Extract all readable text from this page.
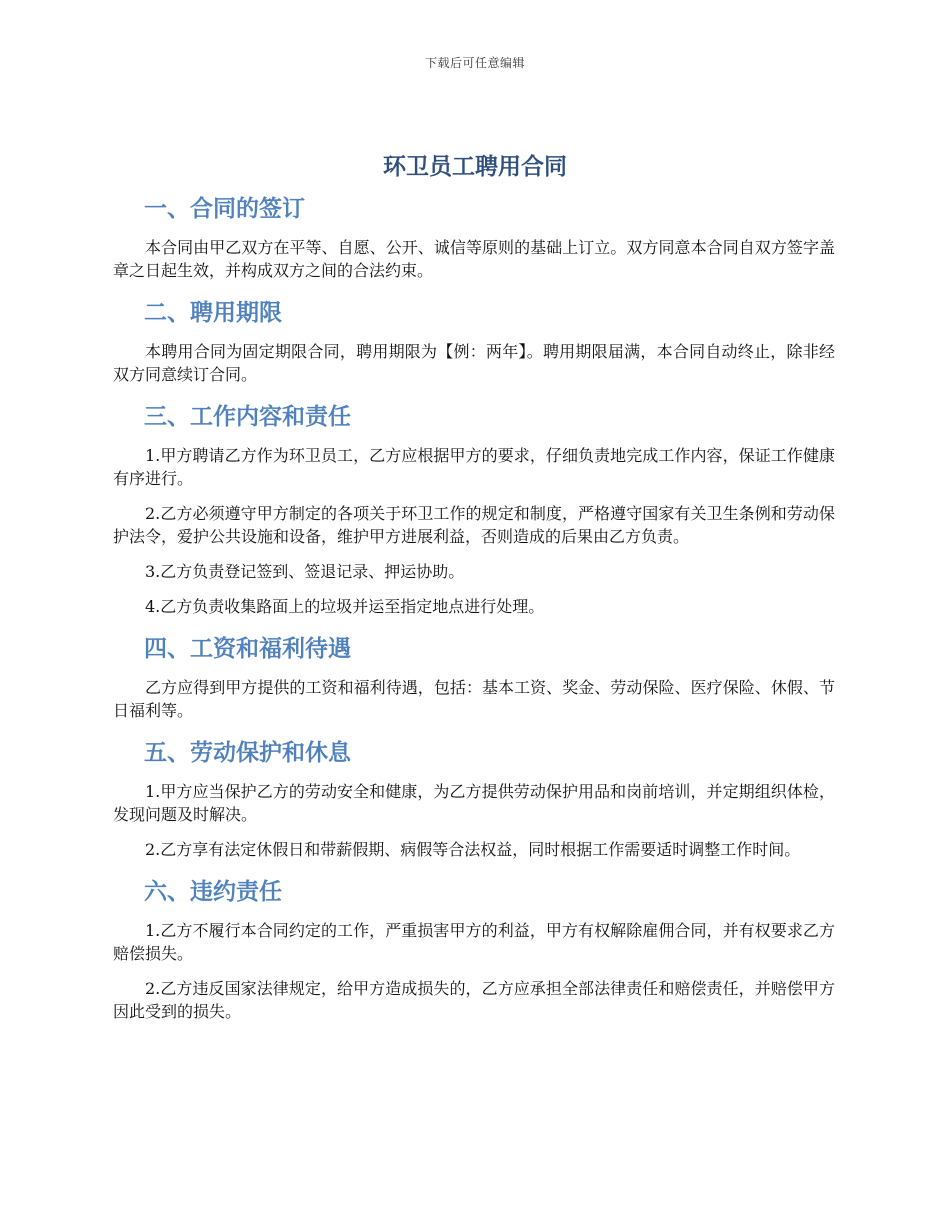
下载后可任意编辑
环卫员工聘用合同
一、合同的签订

本合同由甲乙双方在平等、自愿、公开、诚信等原则的基础上订立。双方同意本合同自双方签字盖章之日起生效，并构成双方之间的合法约束。

二、聘用期限

本聘用合同为固定期限合同，聘用期限为【例：两年】。聘用期限届满，本合同自动终止，除非经双方同意续订合同。

三、工作内容和责任

1.甲方聘请乙方作为环卫员工，乙方应根据甲方的要求，仔细负责地完成工作内容，保证工作健康有序进行。

2.乙方必须遵守甲方制定的各项关于环卫工作的规定和制度，严格遵守国家有关卫生条例和劳动保护法令，爱护公共设施和设备，维护甲方进展利益，否则造成的后果由乙方负责。

3.乙方负责登记签到、签退记录、押运协助。

4.乙方负责收集路面上的垃圾并运至指定地点进行处理。

四、工资和福利待遇

乙方应得到甲方提供的工资和福利待遇，包括：基本工资、奖金、劳动保险、医疗保险、休假、节日福利等。

五、劳动保护和休息

1.甲方应当保护乙方的劳动安全和健康，为乙方提供劳动保护用品和岗前培训，并定期组织体检，发现问题及时解决。

2.乙方享有法定休假日和带薪假期、病假等合法权益，同时根据工作需要适时调整工作时间。

六、违约责任

1.乙方不履行本合同约定的工作，严重损害甲方的利益，甲方有权解除雇佣合同，并有权要求乙方赔偿损失。

2.乙方违反国家法律规定，给甲方造成损失的，乙方应承担全部法律责任和赔偿责任，并赔偿甲方因此受到的损失。
